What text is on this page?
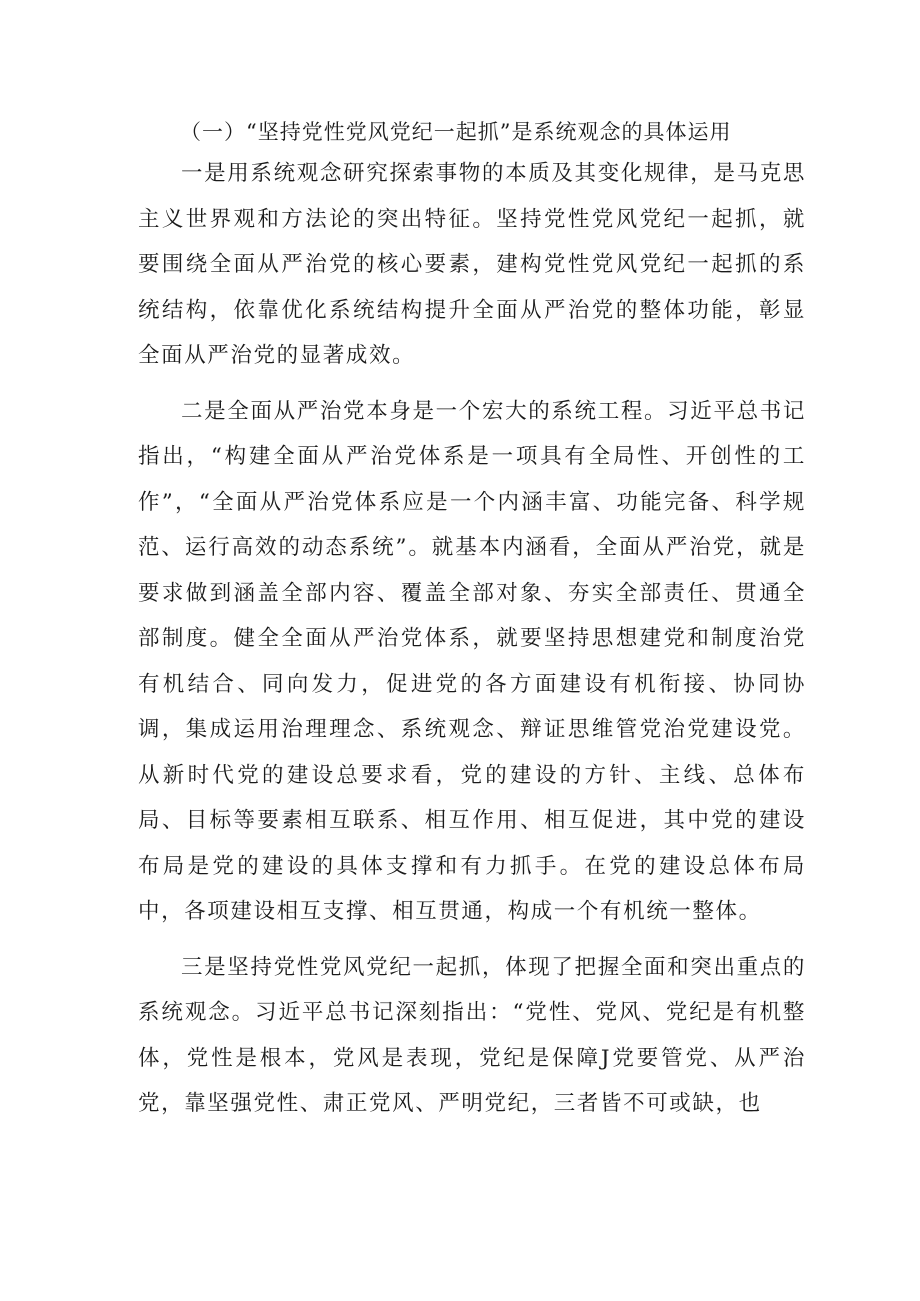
（一）“坚持党性党风党纪一起抓”是系统观念的具体运用

一是用系统观念研究探索事物的本质及其变化规律，是马克思主义世界观和方法论的突出特征。坚持党性党风党纪一起抓，就要围绕全面从严治党的核心要素，建构党性党风党纪一起抓的系统结构，依靠优化系统结构提升全面从严治党的整体功能，彰显全面从严治党的显著成效。

二是全面从严治党本身是一个宏大的系统工程。习近平总书记指出，“构建全面从严治党体系是一项具有全局性、开创性的工作”，“全面从严治党体系应是一个内涵丰富、功能完备、科学规范、运行高效的动态系统”。就基本内涵看，全面从严治党，就是要求做到涵盖全部内容、覆盖全部对象、夯实全部责任、贯通全部制度。健全全面从严治党体系，就要坚持思想建党和制度治党有机结合、同向发力，促进党的各方面建设有机衔接、协同协调，集成运用治理理念、系统观念、辩证思维管党治党建设党。从新时代党的建设总要求看，党的建设的方针、主线、总体布局、目标等要素相互联系、相互作用、相互促进，其中党的建设布局是党的建设的具体支撑和有力抓手。在党的建设总体布局中，各项建设相互支撑、相互贯通，构成一个有机统一整体。

三是坚持党性党风党纪一起抓，体现了把握全面和突出重点的系统观念。习近平总书记深刻指出：“党性、党风、党纪是有机整体，党性是根本，党风是表现，党纪是保障J党要管党、从严治党，靠坚强党性、肃正党风、严明党纪，三者皆不可或缺，也
